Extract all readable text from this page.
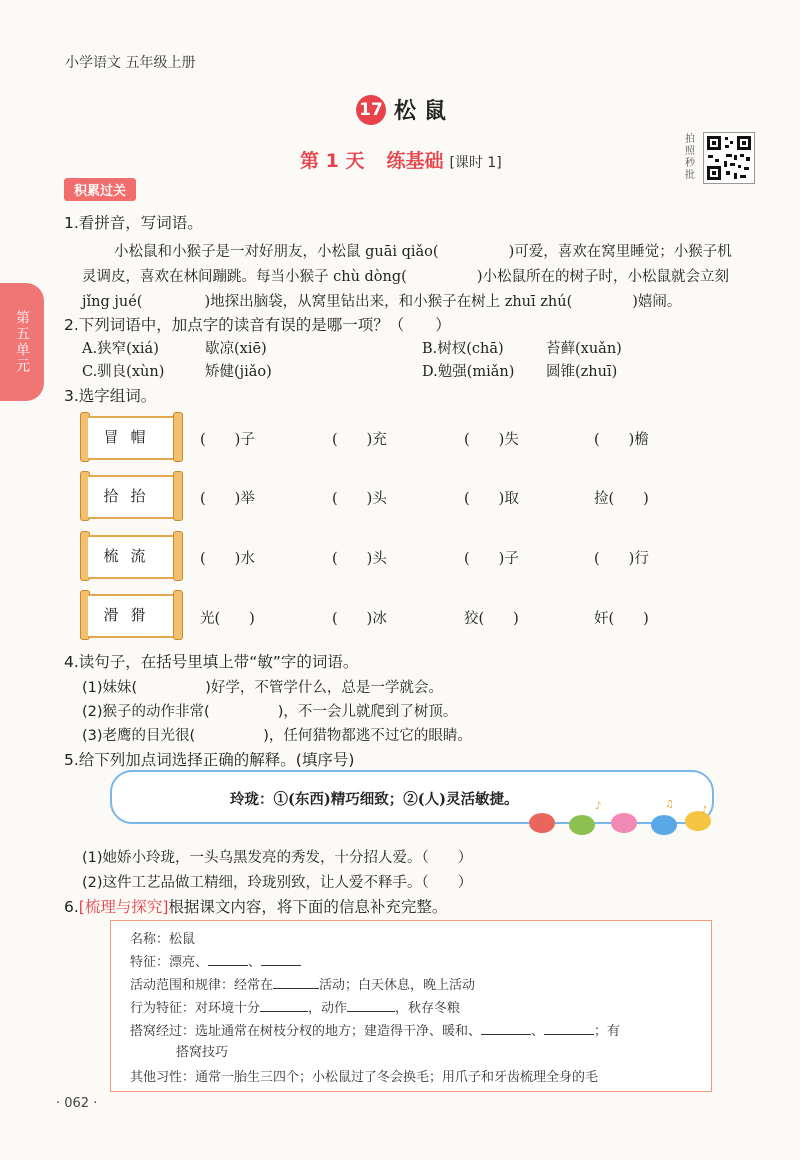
小学语文 五年级上册
17 松鼠
第 1 天 练基础 [课时 1]
拍照秒批
积累过关
第五单元
1.看拼音，写词语。
小松鼠和小猴子是一对好朋友，小松鼠 guāi qiǎo(	)可爱，喜欢在窝里睡觉；小猴子机
灵调皮，喜欢在林间蹦跳。每当小猴子 chù dòng(	)小松鼠所在的树子时，小松鼠就会立刻
jǐng jué(	)地探出脑袋，从窝里钻出来，和小猴子在树上 zhuī zhú(	)嬉闹。
2.下列词语中，加点字的读音有误的是哪一项？（　　）
A.狭窄(xiá)	歇凉(xiē)	B.树杈(chā)	苔藓(xuǎn)
C.驯良(xùn)	矫健(jiǎo)	D.勉强(miǎn) 圆锥(zhuī)
3.选字组词。
冒帽	(　　)子	(　　)充	(　　)失	(　　)檐
拾抬	(　　)举	(　　)头	(　　)取	捡(　　)
梳流	(　　)水	(　　)头	(　　)子	(　　)行
滑猾	光(　　)	(　　)冰	狡(　　)	奸(　　)
4.读句子，在括号里填上带“敏”字的词语。
(1)妹妹(	)好学，不管学什么，总是一学就会。
(2)猴子的动作非常(	)，不一会儿就爬到了树顶。
(3)老鹰的目光很(	)，任何猎物都逃不过它的眼睛。
5.给下列加点词选择正确的解释。(填序号)
玲珑：①(东西)精巧细致；②(人)灵活敏捷。	♪	♫
♪
(1)她娇小玲珑，一头乌黑发亮的秀发，十分招人爱。（　　）
(2)这件工艺品做工精细，玲珑别致，让人爱不释手。（　　）
6.[梳理与探究]根据课文内容，将下面的信息补充完整。
名称：松鼠
特征：漂亮、	、
活动范围和规律：经常在	活动；白天休息，晚上活动
行为特征：对环境十分	，动作	，秋存冬粮
搭窝经过：选址通常在树枝分杈的地方；建造得干净、暖和、	、	；有
搭窝技巧
其他习性：通常一胎生三四个；小松鼠过了冬会换毛；用爪子和牙齿梳理全身的毛
· 062 ·
